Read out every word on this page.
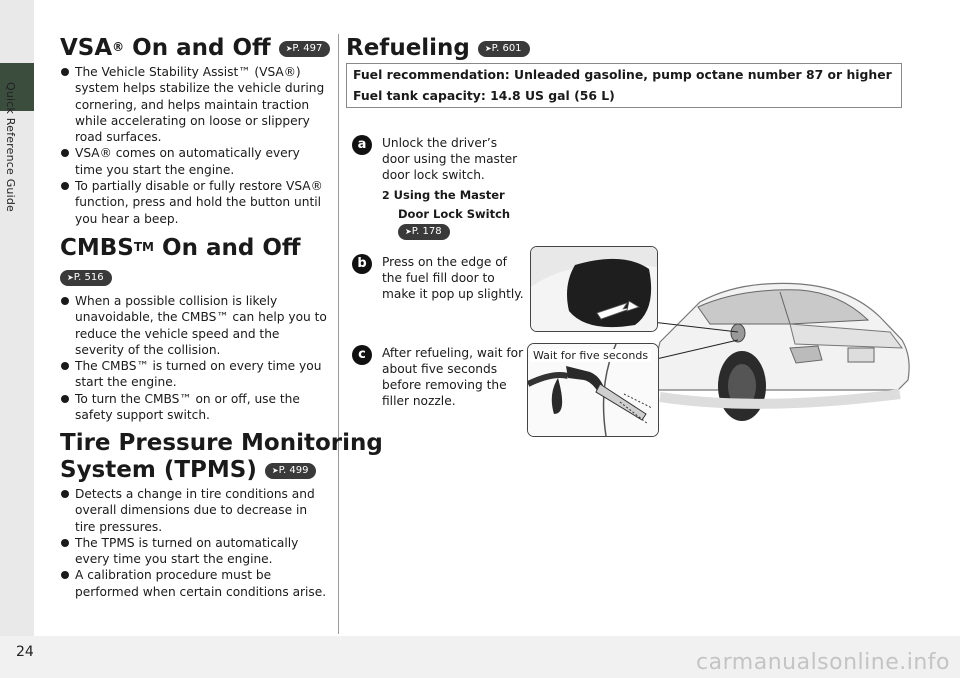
Quick Reference Guide
VSA® On and Off ➤P. 497
The Vehicle Stability Assist™ (VSA®) system helps stabilize the vehicle during cornering, and helps maintain traction while accelerating on loose or slippery road surfaces.
VSA® comes on automatically every time you start the engine.
To partially disable or fully restore VSA® function, press and hold the button until you hear a beep.
CMBS™ On and Off
➤P. 516
When a possible collision is likely unavoidable, the CMBS™ can help you to reduce the vehicle speed and the severity of the collision.
The CMBS™ is turned on every time you start the engine.
To turn the CMBS™ on or off, use the safety support switch.
Tire Pressure Monitoring
System (TPMS) ➤P. 499
Detects a change in tire conditions and overall dimensions due to decrease in tire pressures.
The TPMS is turned on automatically every time you start the engine.
A calibration procedure must be performed when certain conditions arise.
Refueling ➤P. 601
Fuel recommendation: Unleaded gasoline, pump octane number 87 or higher
Fuel tank capacity: 14.8 US gal (56 L)
a	Unlock the driver’s door using the master door lock switch.
2 Using the Master Door Lock Switch
➤P. 178
b	Press on the edge of the fuel fill door to make it pop up slightly.
c	After refueling, wait for about five seconds before removing the filler nozzle.
Wait for five seconds
24	carmanualsonline.info
